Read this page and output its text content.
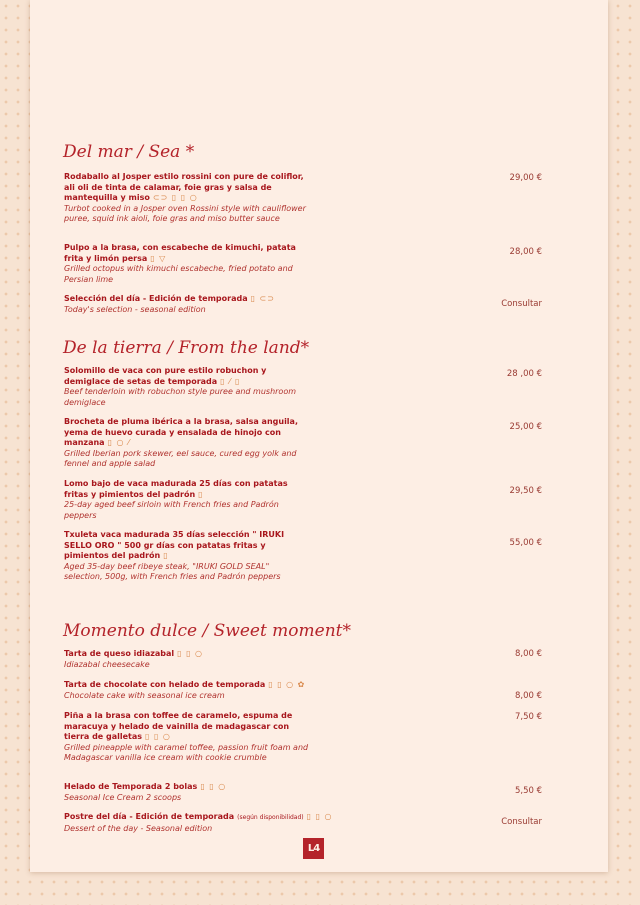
Del mar / Sea *
Rodaballo al Josper estilo rossini con pure de coliflor, ali oli de tinta de calamar, foie gras y salsa de mantequilla y miso ⊂⊃ ▯ ▯ ○
Turbot cooked in a Josper oven Rossini style with cauliflower puree, squid ink aioli, foie gras and miso butter sauce
29,00 €
Pulpo a la brasa, con escabeche de kimuchi, patata frita y limón persa ▯ ▽
Grilled octopus with kimuchi escabeche, fried potato and Persian lime
28,00 €
Selección del día - Edición de temporada ▯ ⊂⊃
Today's selection - seasonal edition	Consultar
De la tierra / From the land*
Solomillo de vaca con pure estilo robuchon y demiglace de setas de temporada ▯ ⁄ ▯
Beef tenderloin with robuchon style puree and mushroom demiglace
28 ,00 €
Brocheta de pluma ibérica a la brasa, salsa anguila, yema de huevo curada y ensalada de hinojo con manzana ▯ ○ ⁄
Grilled Iberian pork skewer, eel sauce, cured egg yolk and fennel and apple salad
25,00 €
Lomo bajo de vaca madurada 25 días con patatas fritas y pimientos del padrón ▯
25-day aged beef sirloin with French fries and Padrón peppers
29,50 €
Txuleta vaca madurada 35 días selección " IRUKI SELLO ORO " 500 gr días con patatas fritas y pimientos del padrón ▯
Aged 35-day beef ribeye steak, "IRUKI GOLD SEAL" selection, 500g, with French fries and Padrón peppers
55,00 €
Momento dulce / Sweet moment*
Tarta de queso idiazabal ▯ ▯ ○
Idiazabal cheesecake
8,00 €
Tarta de chocolate con helado de temporada ▯ ▯ ○ ✿
Chocolate cake with seasonal ice cream	8,00 €
Piña a la brasa con toffee de caramelo, espuma de maracuya y helado de vainilla de madagascar con tierra de galletas ▯ ▯ ○
Grilled pineapple with caramel toffee, passion fruit foam and Madagascar vanilla ice cream with cookie crumble
7,50 €
Helado de Temporada 2 bolas ▯ ▯ ○
Seasonal Ice Cream 2 scoops
5,50 €
Postre del día - Edición de temporada (según disponibilidad) ▯ ▯ ○
Dessert of the day - Seasonal edition
Consultar
L4
